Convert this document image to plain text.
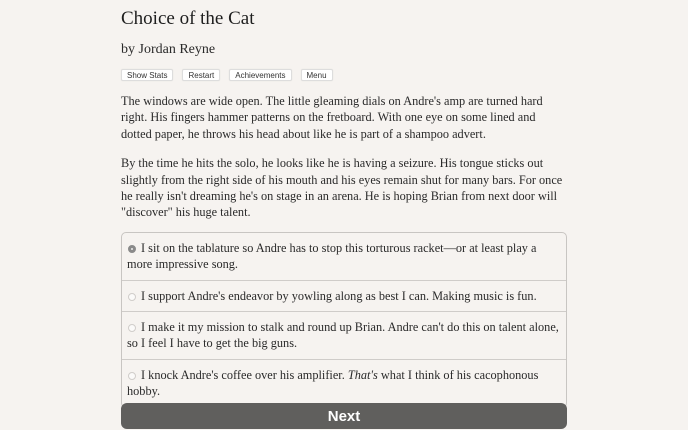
Choice of the Cat

by Jordan Reyne

Show Stats	Restart	Achievements	Menu

The windows are wide open. The little gleaming dials on Andre's amp are turned hard right. His fingers hammer patterns on the fretboard. With one eye on some lined and dotted paper, he throws his head about like he is part of a shampoo advert.

By the time he hits the solo, he looks like he is having a seizure. His tongue sticks out slightly from the right side of his mouth and his eyes remain shut for many bars. For once he really isn't dreaming he's on stage in an arena. He is hoping Brian from next door will "discover" his huge talent.

I sit on the tablature so Andre has to stop this torturous racket—or at least play a more impressive song.
I support Andre's endeavor by yowling along as best I can. Making music is fun.
I make it my mission to stalk and round up Brian. Andre can't do this on talent alone, so I feel I have to get the big guns.
I knock Andre's coffee over his amplifier. That's what I think of his cacophonous hobby.
Next
